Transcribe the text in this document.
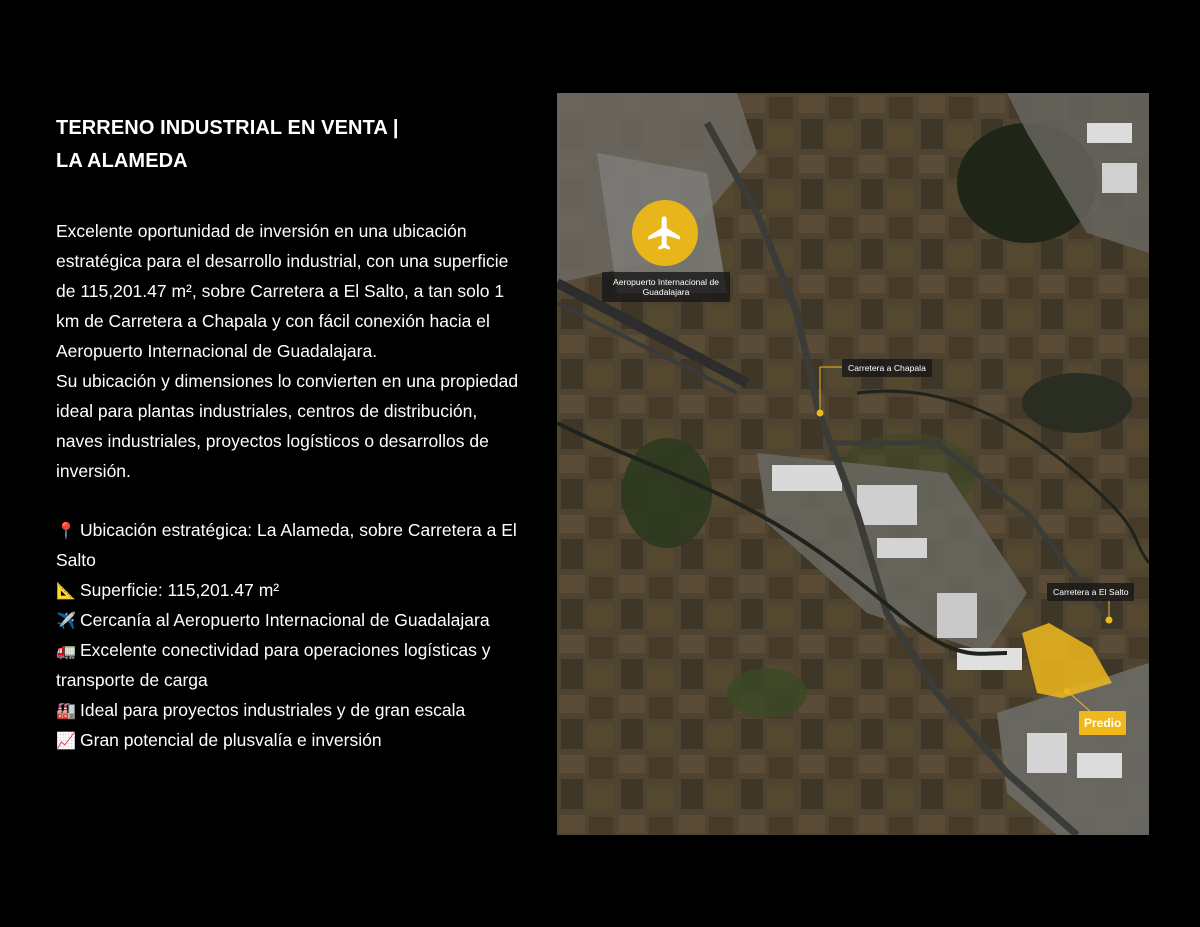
TERRENO INDUSTRIAL EN VENTA |
LA ALAMEDA

Excelente oportunidad de inversión en una ubicación estratégica para el desarrollo industrial, con una superficie de 115,201.47 m², sobre Carretera a El Salto, a tan solo 1 km de Carretera a Chapala y con fácil conexión hacia el Aeropuerto Internacional de Guadalajara.

Su ubicación y dimensiones lo convierten en una propiedad ideal para plantas industriales, centros de distribución, naves industriales, proyectos logísticos o desarrollos de inversión.

📍 Ubicación estratégica: La Alameda, sobre Carretera a El Salto
📐 Superficie: 115,201.47 m²
✈️ Cercanía al Aeropuerto Internacional de Guadalajara
🚛 Excelente conectividad para operaciones logísticas y transporte de carga
🏭 Ideal para proyectos industriales y de gran escala
📈 Gran potencial de plusvalía e inversión
Aeropuerto Internacional de
Guadalajara
Carretera a Chapala
Carretera a El Salto
Predio
